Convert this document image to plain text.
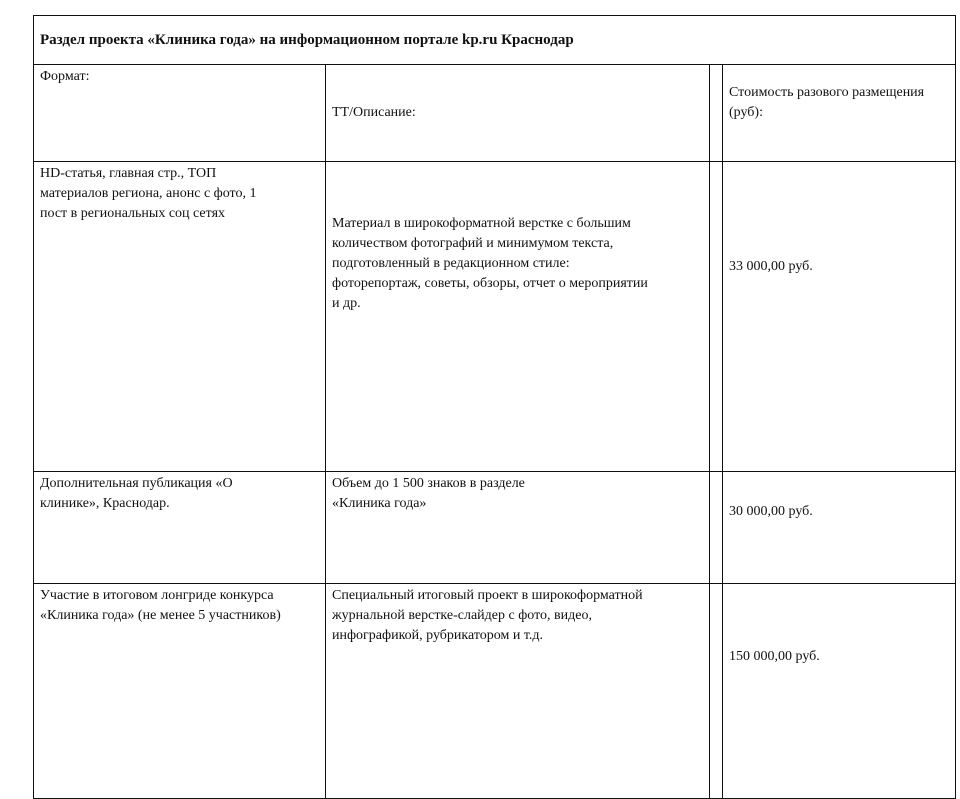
Раздел проекта «Клиника года» на информационном портале kp.ru Краснодар			
Формат:	ТТ/Описание:		Стоимость разового размещения
(руб):

HD-статья, главная стр., ТОП
материалов региона, анонс с фото, 1
пост в региональных соц сетях	Материал в широкоформатной верстке с большим
количеством фотографий и минимумом текста,
подготовленный в редакционном стиле:
фоторепортаж, советы, обзоры, отчет о мероприятии
и др.		33 000,00 руб.

Дополнительная публикация «О
клинике», Краснодар.	Объем до 1 500 знаков в разделе
«Клиника года»		30 000,00 руб.

Участие в итоговом лонгриде конкурса
«Клиника года» (не менее 5 участников)	Специальный итоговый проект в широкоформатной
журнальной верстке-слайдер с фото, видео,
инфографикой, рубрикатором и т.д.		150 000,00 руб.
